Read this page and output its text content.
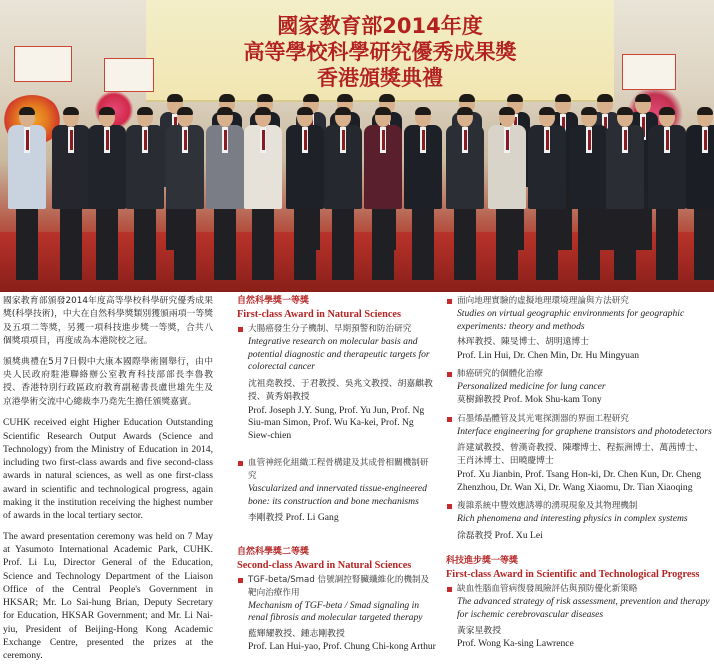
國家教育部2014年度
高等學校科學研究優秀成果獎
香港頒獎典禮

國家教育部頒發2014年度高等學校科學研究優秀成果獎(科學技術)，中大在自然科學獎類別獲頒兩項一等獎及五項二等獎，另獲一項科技進步獎一等獎，合共八個獎項項目，再度成為本港院校之冠。

頒獎典禮在5月7日假中大康本國際學術園舉行，由中央人民政府駐港聯絡辦公室教育科技部部長李魯教授、香港特別行政區政府教育副秘書長盧世雄先生及京港學術交流中心總裁李乃堯先生擔任頒獎嘉賓。

CUHK received eight Higher Education Outstanding Scientific Research Output Awards (Science and Technology) from the Ministry of Education in 2014, including two first-class awards and five second-class awards in natural sciences, as well as one first-class award in scientific and technological progress, again making it the institution receiving the highest number of awards in the local tertiary sector.

The award presentation ceremony was held on 7 May at Yasumoto International Academic Park, CUHK. Prof. Li Lu, Director General of the Education, Science and Technology Department of the Liaison Office of the Central People's Government in HKSAR; Mr. Lo Sai-hung Brian, Deputy Secretary for Education, HKSAR Government; and Mr. Li Nai-yiu, President of Beijing-Hong Kong Academic Exchange Centre, presented the prizes at the ceremony.

自然科學獎一等獎
First-class Award in Natural Sciences
大腸癌發生分子機制、早期預警和防治研究
Integrative research on molecular basis and potential diagnostic and therapeutic targets for colorectal cancer
沈祖堯教授、于君教授、吳兆文教授、胡嘉麒教授、黃秀娟教授
Prof. Joseph J.Y. Sung, Prof. Yu Jun, Prof. Ng Siu-man Simon, Prof. Wu Ka-kei, Prof. Ng Siew-chien
血管神經化組織工程骨構建及其成骨相關機制研究
Vascularized and innervated tissue-engineered bone: its construction and bone mechanisms
李剛教授 Prof. Li Gang
自然科學獎二等獎
Second-class Award in Natural Sciences
TGF-beta/Smad 信號調控腎臟纖維化的機制及靶向治療作用
Mechanism of TGF-beta / Smad signaling in renal fibrosis and molecular targeted therapy
藍輝耀教授、鍾志剛教授
Prof. Lan Hui-yao, Prof. Chung Chi-kong Arthur
面向地理實驗的虛擬地理環境理論與方法研究
Studies on virtual geographic environments for geographic experiments: theory and methods
林珲教授、陳旻博士、胡明遠博士
Prof. Lin Hui, Dr. Chen Min, Dr. Hu Mingyuan
肺癌研究的個體化治療
Personalized medicine for lung cancer
莫樹錦教授 Prof. Mok Shu-kam Tony
石墨烯晶體管及其光電探測器的界面工程研究
Interface engineering for graphene transistors and photodetectors
許建斌教授、曾漢奇教授、陳瓈博士、程振洲博士、萬茜博士、王肖沐博士、田曉慶博士
Prof. Xu Jianbin, Prof. Tsang Hon-ki, Dr. Chen Kun, Dr. Cheng Zhenzhou, Dr. Wan Xi, Dr. Wang Xiaomu, Dr. Tian Xiaoqing
複雜系統中豐效應誘導的湧現現象及其物理機制
Rich phenomena and interesting physics in complex systems
徐磊教授 Prof. Xu Lei
科技進步獎一等獎
First-class Award in Scientific and Technological Progress
缺血性腦血管病復發風險評估與預防優化新策略
The advanced strategy of risk assessment, prevention and therapy for ischemic cerebrovascular diseases
黃家星教授
Prof. Wong Ka-sing Lawrence
